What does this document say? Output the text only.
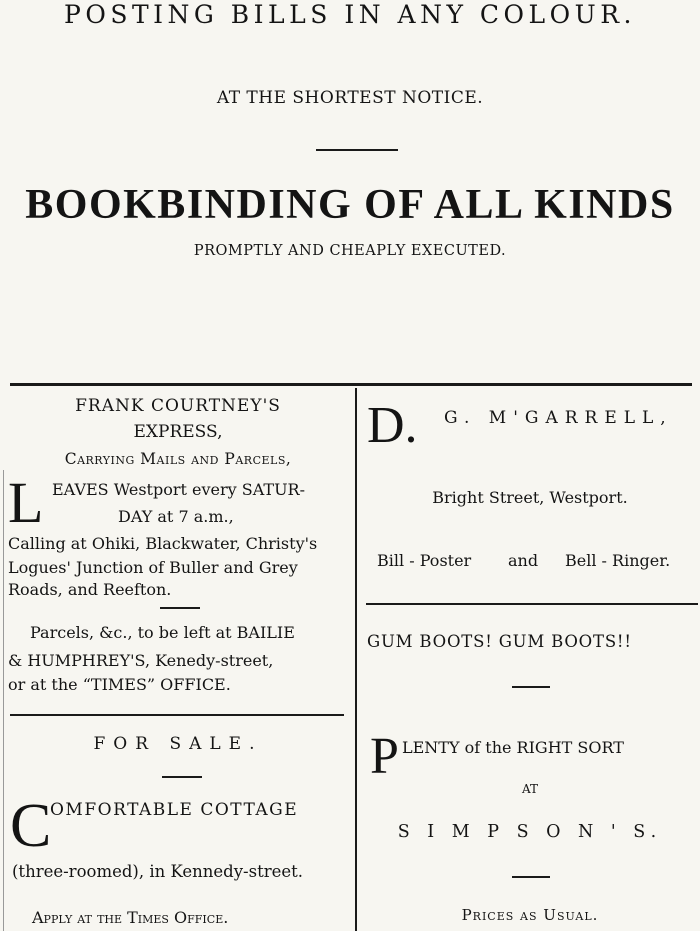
POSTING BILLS IN ANY COLOUR.
AT THE SHORTEST NOTICE.
BOOKBINDING OF ALL KINDS
PROMPTLY AND CHEAPLY EXECUTED.
FRANK COURTNEY'S
EXPRESS,
Carrying Mails and Parcels,
L EAVES Westport every SATUR-
DAY at 7 a.m.,
Calling at Ohiki, Blackwater, Christy's
Logues' Junction of Buller and Grey
Roads, and Reefton.
Parcels, &c., to be left at BAILIE
& HUMPHREY'S, Kenedy-street,
or at the “TIMES” OFFICE.
FOR SALE.
C
OMFORTABLE COTTAGE
(three-roomed), in Kennedy-street.
Apply at the Times Office.
D. G. M'GARRELL,
Bright Street, Westport.
Bill - Poster and Bell - Ringer.
GUM BOOTS! GUM BOOTS!!
P LENTY of the RIGHT SORT
AT
S I M P S O N ' S.
Prices as Usual.
